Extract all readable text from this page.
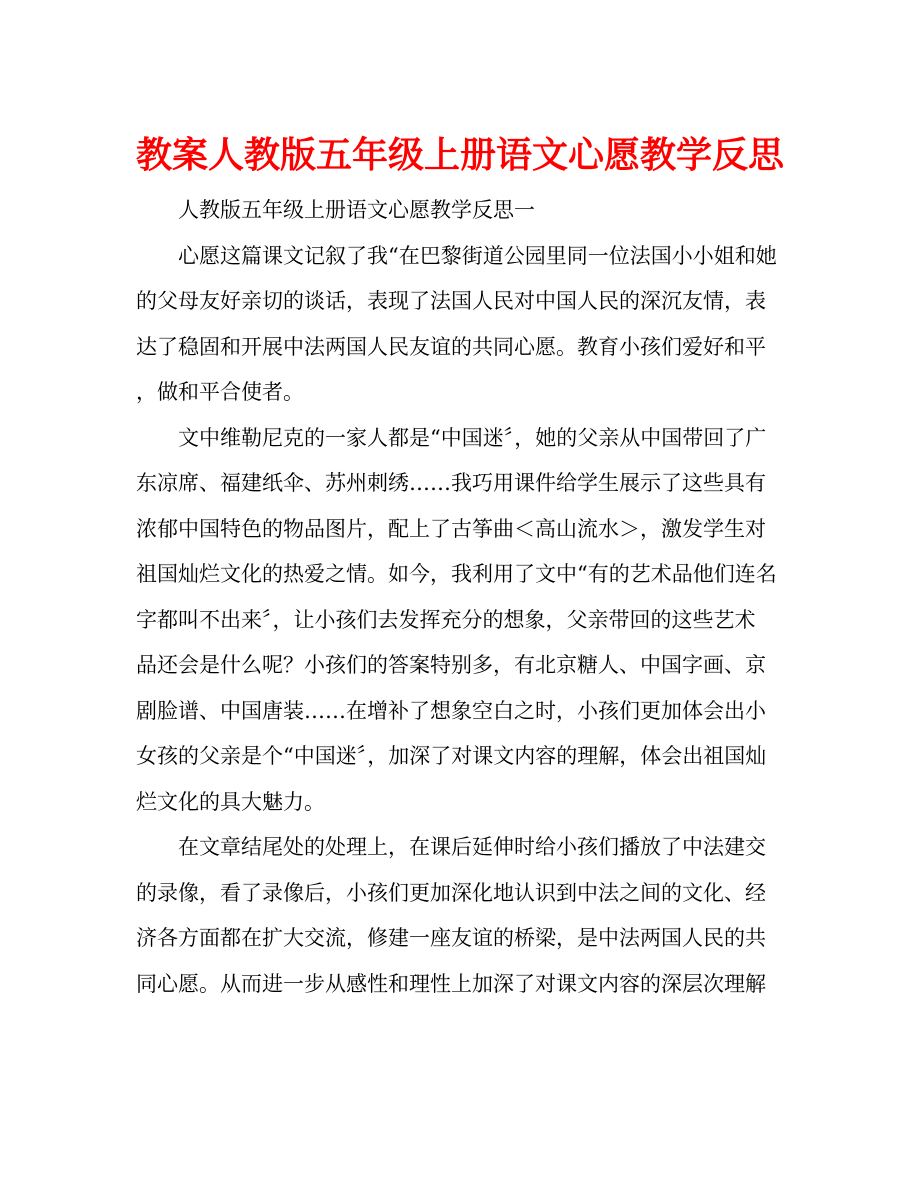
教案人教版五年级上册语文心愿教学反思
人教版五年级上册语文心愿教学反思一
心愿这篇课文记叙了我“在巴黎街道公园里同一位法国小小姐和她
的父母友好亲切的谈话，表现了法国人民对中国人民的深沉友情，表
达了稳固和开展中法两国人民友谊的共同心愿。教育小孩们爱好和平
，做和平合使者。
文中维勒尼克的一家人都是“中国迷〞，她的父亲从中国带回了广
东凉席、福建纸伞、苏州刺绣……我巧用课件给学生展示了这些具有
浓郁中国特色的物品图片，配上了古筝曲＜高山流水＞，激发学生对
祖国灿烂文化的热爱之情。如今，我利用了文中“有的艺术品他们连名
字都叫不出来〞，让小孩们去发挥充分的想象，父亲带回的这些艺术
品还会是什么呢？小孩们的答案特别多，有北京糖人、中国字画、京
剧脸谱、中国唐装……在增补了想象空白之时，小孩们更加体会出小
女孩的父亲是个“中国迷〞，加深了对课文内容的理解，体会出祖国灿
烂文化的具大魅力。
在文章结尾处的处理上，在课后延伸时给小孩们播放了中法建交
的录像，看了录像后，小孩们更加深化地认识到中法之间的文化、经
济各方面都在扩大交流，修建一座友谊的桥梁，是中法两国人民的共
同心愿。从而进一步从感性和理性上加深了对课文内容的深层次理解
